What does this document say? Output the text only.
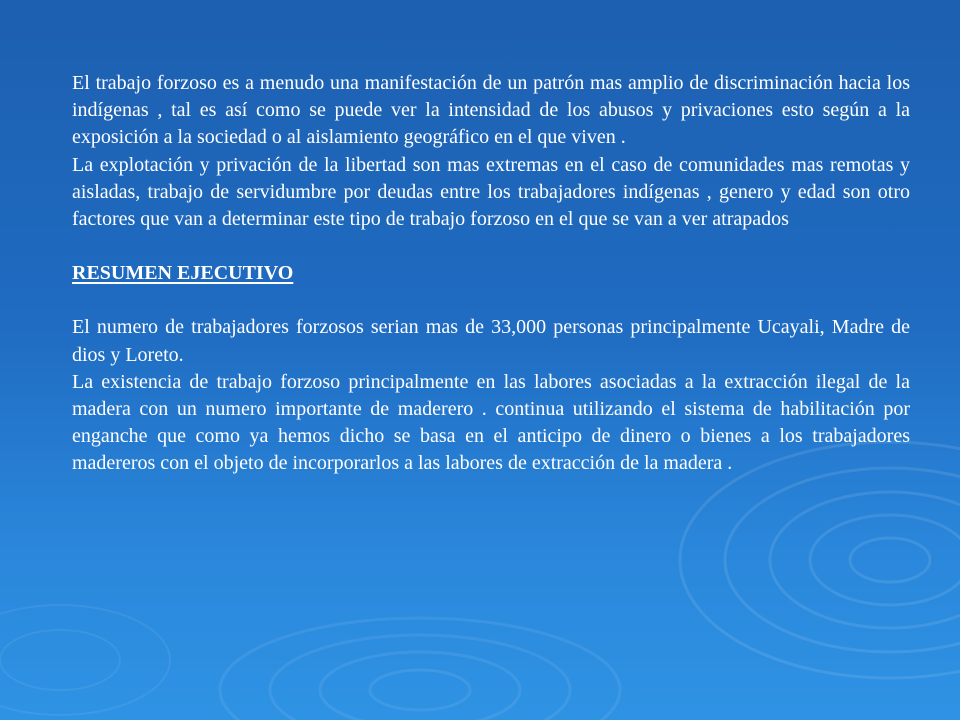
El trabajo forzoso es a menudo una manifestación de un patrón mas amplio de discriminación hacia los indígenas , tal es así como se puede ver la intensidad de los abusos y privaciones esto según a la exposición a la sociedad o al aislamiento geográfico en el que viven .

La explotación y privación de la libertad son mas extremas en el caso de comunidades mas remotas y aisladas, trabajo de servidumbre por deudas entre los trabajadores indígenas , genero y edad son otro factores que van a determinar este tipo de trabajo forzoso en el que se van a ver atrapados

RESUMEN EJECUTIVO

El numero de trabajadores forzosos serian mas de 33,000 personas principalmente Ucayali, Madre de dios y Loreto.

La existencia de trabajo forzoso principalmente en las labores asociadas a la extracción ilegal de la madera con un numero importante de maderero . continua utilizando el sistema de habilitación por enganche que como ya hemos dicho se basa en el anticipo de dinero o bienes a los trabajadores madereros con el objeto de incorporarlos a las labores de extracción de la madera .
